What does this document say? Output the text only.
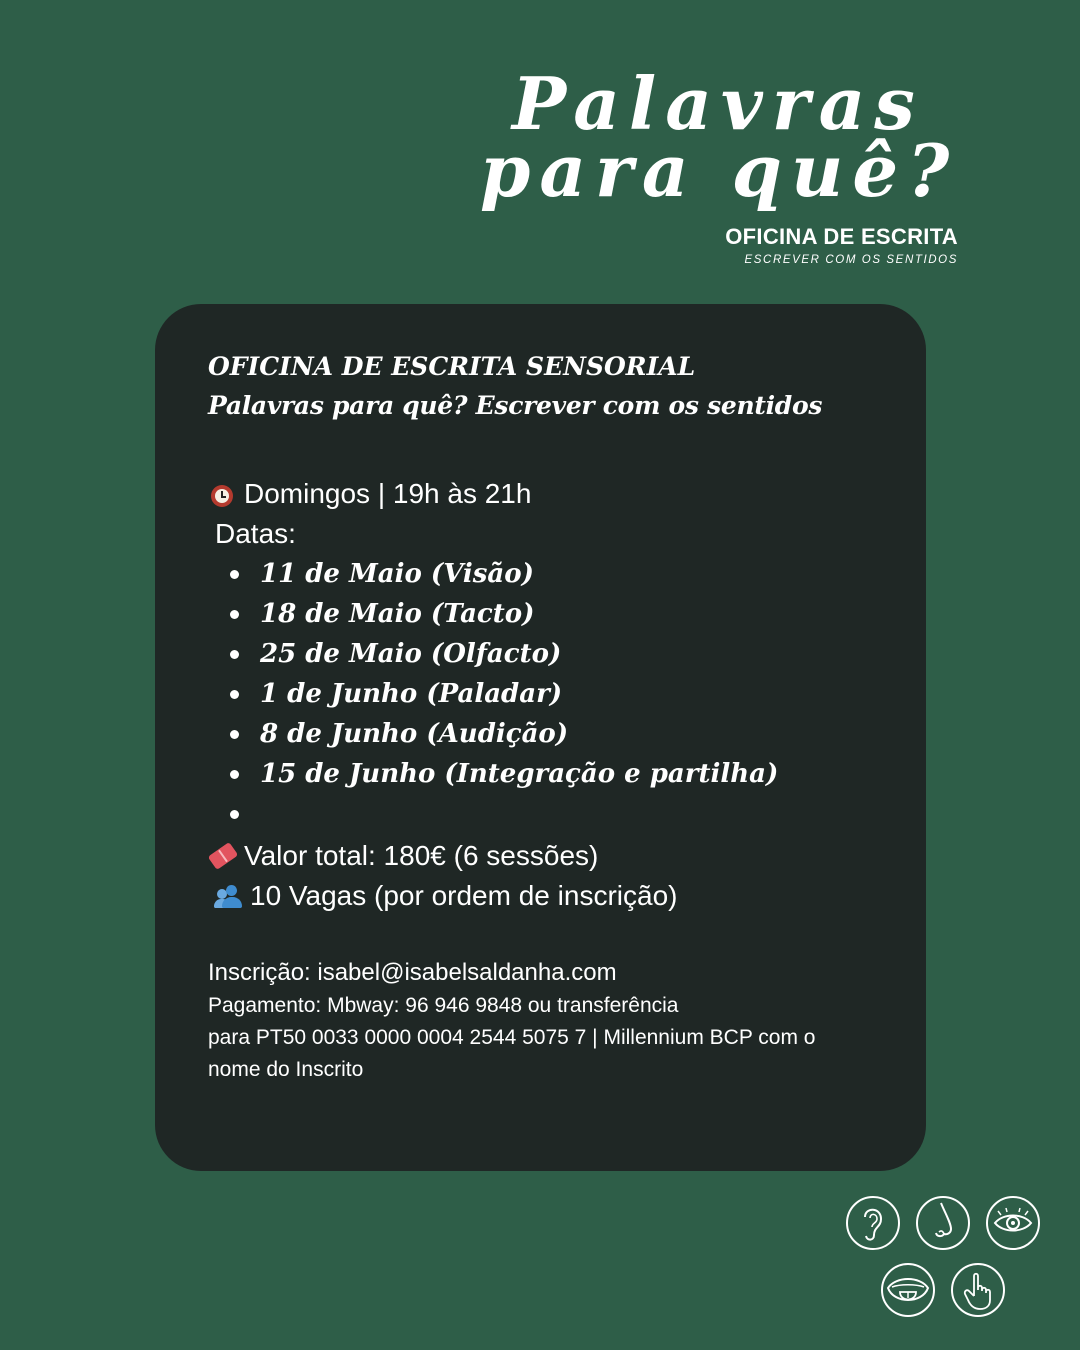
Palavras
para quê?
OFICINA DE ESCRITA
ESCREVER COM OS SENTIDOS

OFICINA DE ESCRITA SENSORIAL

Palavras para quê? Escrever com os sentidos

Domingos | 19h às 21h
Datas:
11 de Maio (Visão)
18 de Maio (Tacto)
25 de Maio (Olfacto)
1 de Junho (Paladar)
8 de Junho (Audição)
15 de Junho (Integração e partilha)
Valor total: 180€ (6 sessões)
10 Vagas (por ordem de inscrição)
Inscrição: isabel@isabelsaldanha.com
Pagamento: Mbway: 96 946 9848 ou transferência
para PT50 0033 0000 0004 2544 5075 7 | Millennium BCP com o
nome do Inscrito
